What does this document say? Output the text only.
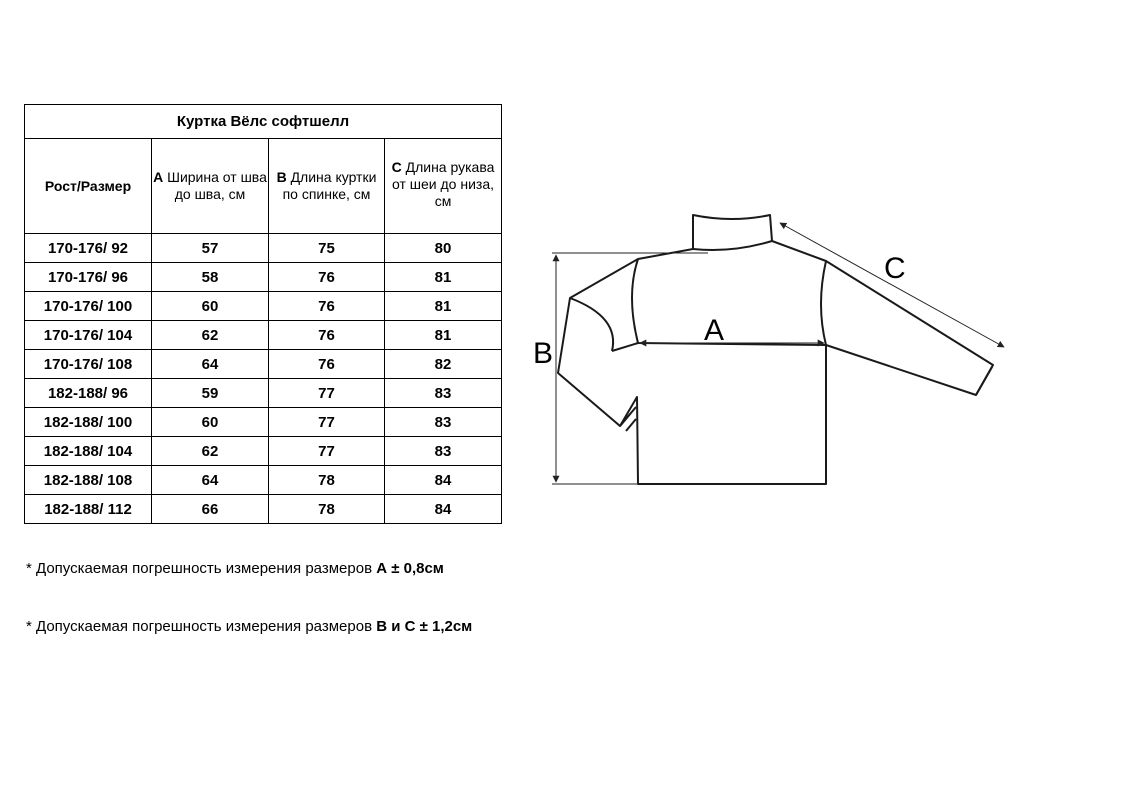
Куртка Вёлс софтшелл			
Рост/Размер	А Ширина от шва до шва, см	В Длина куртки по спинке, см	С Длина рукава от шеи до низа, см
170-176/ 92	57	75	80
170-176/ 96	58	76	81
170-176/ 100	60	76	81
170-176/ 104	62	76	81
170-176/ 108	64	76	82
182-188/ 96	59	77	83
182-188/ 100	60	77	83
182-188/ 104	62	77	83
182-188/ 108	64	78	84
182-188/ 112	66	78	84
A
B
C
* Допускаемая погрешность измерения размеров А ± 0,8см
* Допускаемая погрешность измерения размеров В и С ± 1,2см
